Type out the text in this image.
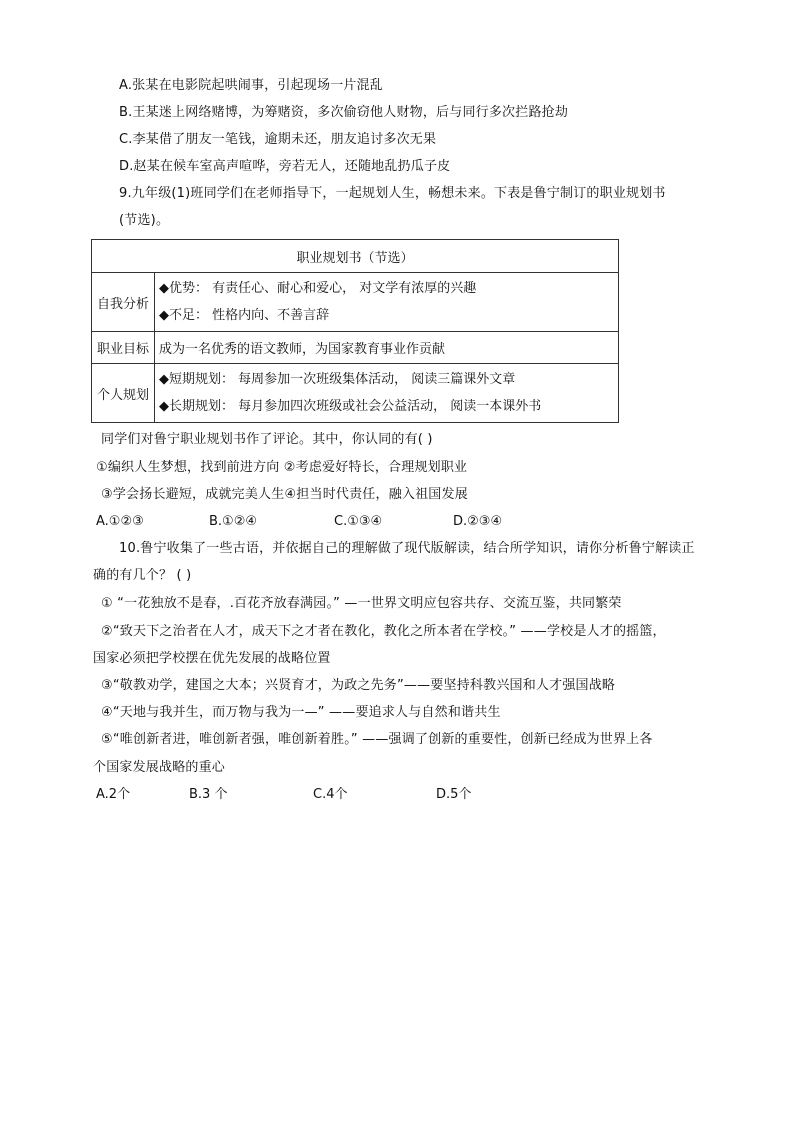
A.张某在电影院起哄闹事，引起现场一片混乱
B.王某迷上网络赌博，为筹赌资，多次偷窃他人财物，后与同行多次拦路抢劫
C.李某借了朋友一笔钱，逾期未还，朋友追讨多次无果
D.赵某在候车室高声喧哗，旁若无人，还随地乱扔瓜子皮
9.九年级(1)班同学们在老师指导下，一起规划人生，畅想未来。下表是鲁宁制订的职业规划书
(节选)。
职业规划书（节选）	
自我分析	◆优势： 有责任心、耐心和爱心， 对文学有浓厚的兴趣
◆不足： 性格内向、不善言辞

职业目标	成为一名优秀的语文教师，为国家教育事业作贡献
个人规划	◆短期规划： 每周参加一次班级集体活动， 阅读三篇课外文章
◆长期规划： 每月参加四次班级或社会公益活动， 阅读一本课外书
同学们对鲁宁职业规划书作了评论。其中，你认同的有( )
①编织人生梦想，找到前进方向 ②考虑爱好特长，合理规划职业
③学会扬长避短，成就完美人生④担当时代责任，融入祖国发展
A.①②③	B.①②④	C.①③④	D.②③④
10.鲁宁收集了一些古语，并依据自己的理解做了现代版解读，结合所学知识，请你分析鲁宁解读正
确的有几个？ ( )
① “一花独放不是春，.百花齐放春满园。” —一世界文明应包容共存、交流互鉴，共同繁荣
②“致天下之治者在人才，成天下之才者在教化，教化之所本者在学校。” ——学校是人才的摇篮，
国家必须把学校摆在优先发展的战略位置
③“敬教劝学，建国之大本；兴贤育才，为政之先务”——要坚持科教兴国和人才强国战略
④“天地与我并生，而万物与我为一—” ——要追求人与自然和谐共生
⑤“唯创新者进，唯创新者强，唯创新着胜。” ——强调了创新的重要性，创新已经成为世界上各
个国家发展战略的重心
A.2个	B.3 个	C.4个	D.5个
